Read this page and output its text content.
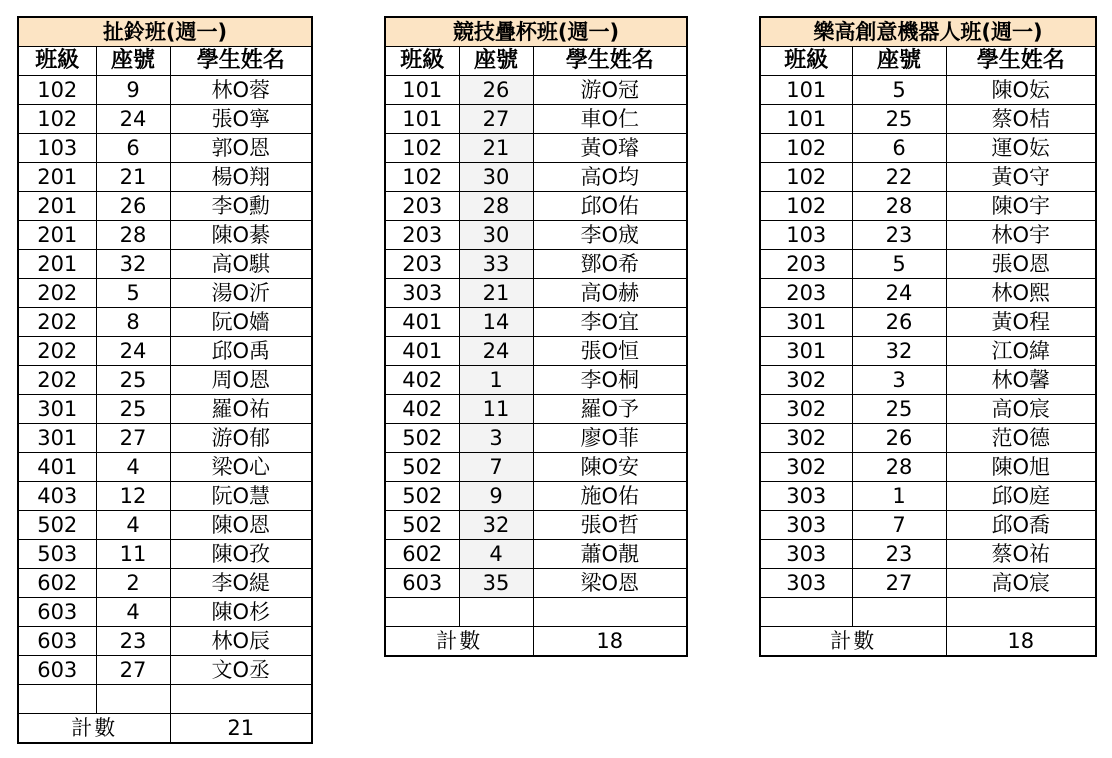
扯鈴班(週一)		
班級	座號	學生姓名
102	9	林O蓉
102	24	張O寧
103	6	郭O恩
201	21	楊O翔
201	26	李O勳
201	28	陳O綦
201	32	高O騏
202	5	湯O沂
202	8	阮O嬙
202	24	邱O禹
202	25	周O恩
301	25	羅O祐
301	27	游O郁
401	4	梁O心
403	12	阮O慧
502	4	陳O恩
503	11	陳O孜
602	2	李O緹
603	4	陳O杉
603	23	林O辰
603	27	文O丞

計數		21
競技疊杯班(週一)		
班級	座號	學生姓名
101	26	游O冠
101	27	車O仁
102	21	黃O璿
102	30	高O均
203	28	邱O佑
203	30	李O宬
203	33	鄧O希
303	21	高O赫
401	14	李O宜
401	24	張O恒
402	1	李O桐
402	11	羅O予
502	3	廖O菲
502	7	陳O安
502	9	施O佑
502	32	張O哲
602	4	蕭O靚
603	35	梁O恩

計數		18
樂高創意機器人班(週一)		
班級	座號	學生姓名
101	5	陳O妘
101	25	蔡O桔
102	6	運O妘
102	22	黃O守
102	28	陳O宇
103	23	林O宇
203	5	張O恩
203	24	林O熙
301	26	黃O程
301	32	江O緯
302	3	林O馨
302	25	高O宸
302	26	范O德
302	28	陳O旭
303	1	邱O庭
303	7	邱O喬
303	23	蔡O祐
303	27	高O宸

計數		18
